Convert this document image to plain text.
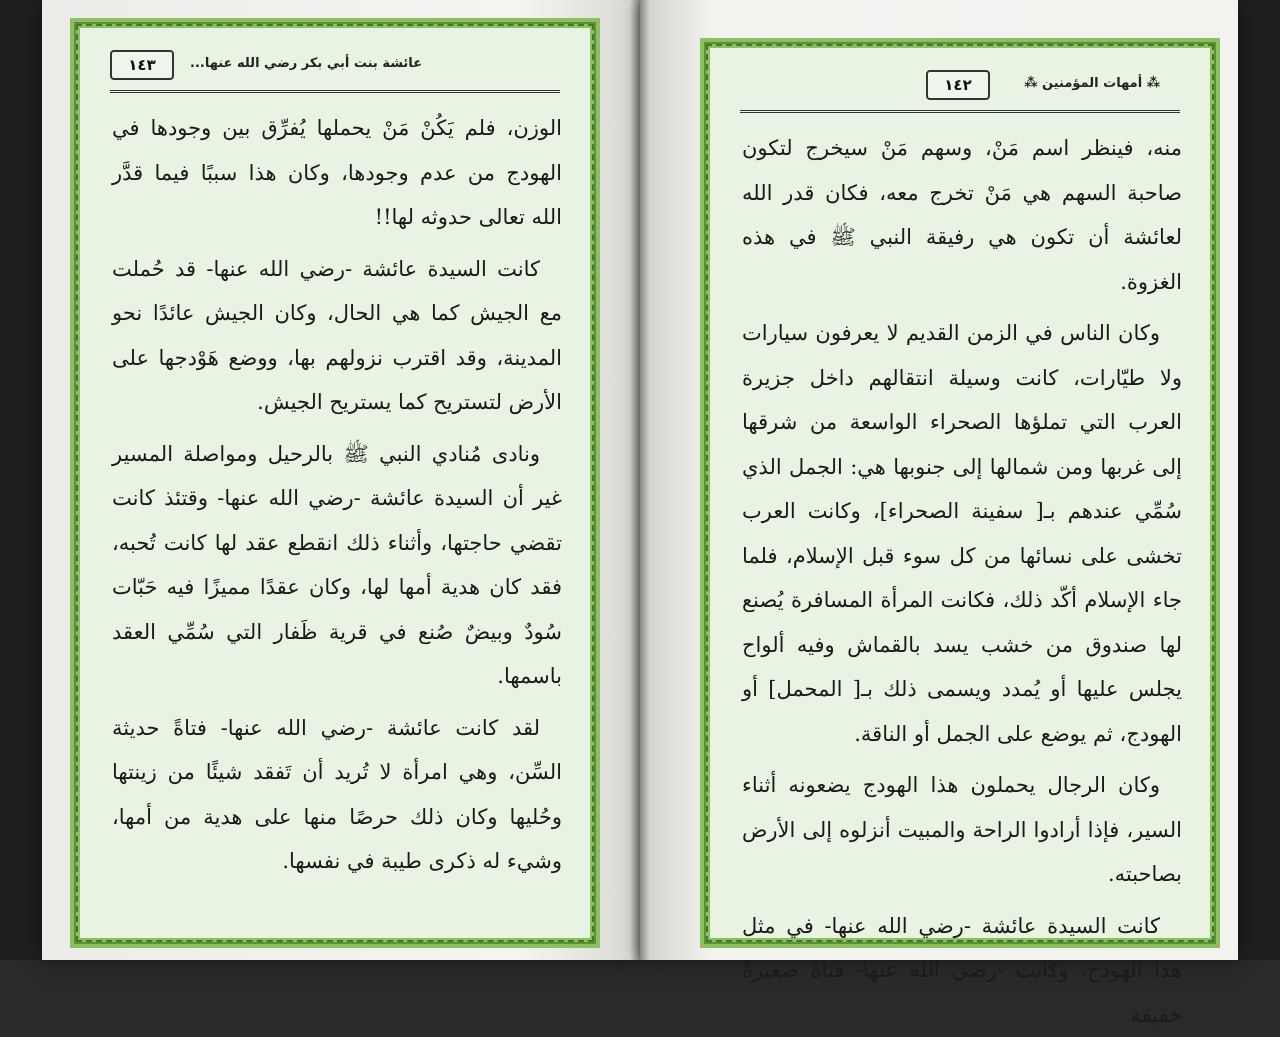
١٤٣	عائشة بنت أبي بكر رضي الله عنها...

الوزن، فلم يَكُنْ مَنْ يحملها يُفرِّق بين وجودها في الهودج من عدم وجودها، وكان هذا سببًا فيما قدَّر الله تعالى حدوثه لها!!

كانت السيدة عائشة -رضي الله عنها- قد حُملت مع الجيش كما هي الحال، وكان الجيش عائدًا نحو المدينة، وقد اقترب نزولهم بها، ووضع هَوْدجها على الأرض لتستريح كما يستريح الجيش.

ونادى مُنادي النبي ﷺ بالرحيل ومواصلة المسير غير أن السيدة عائشة -رضي الله عنها- وقتئذ كانت تقضي حاجتها، وأثناء ذلك انقطع عقد لها كانت تُحبه، فقد كان هدية أمها لها، وكان عقدًا مميزًا فيه حَبّات سُودٌ وبيضٌ صُنع في قرية ظَفار التي سُمِّي العقد باسمها.

لقد كانت عائشة -رضي الله عنها- فتاةً حديثة السِّن، وهي امرأة لا تُريد أن تَفقد شيئًا من زينتها وحُليها وكان ذلك حرصًا منها على هدية من أمها، وشيء له ذكرى طيبة في نفسها.

١٤٢	⁂ أمهات المؤمنين ⁂

منه، فينظر اسم مَنْ، وسهم مَنْ سيخرج لتكون صاحبة السهم هي مَنْ تخرج معه، فكان قدر الله لعائشة أن تكون هي رفيقة النبي ﷺ في هذه الغزوة.

وكان الناس في الزمن القديم لا يعرفون سيارات ولا طيّارات، كانت وسيلة انتقالهم داخل جزيرة العرب التي تملؤها الصحراء الواسعة من شرقها إلى غربها ومن شمالها إلى جنوبها هي: الجمل الذي سُمِّي عندهم بـ[ سفينة الصحراء]، وكانت العرب تخشى على نسائها من كل سوء قبل الإسلام، فلما جاء الإسلام أكّد ذلك، فكانت المرأة المسافرة يُصنع لها صندوق من خشب يسد بالقماش وفيه ألواح يجلس عليها أو يُمدد ويسمى ذلك بـ[ المحمل] أو الهودج، ثم يوضع على الجمل أو الناقة.

وكان الرجال يحملون هذا الهودج يضعونه أثناء السير، فإذا أرادوا الراحة والمبيت أنزلوه إلى الأرض بصاحبته.

كانت السيدة عائشة -رضي الله عنها- في مثل هذا الهودج، وكانت -رضي الله عنها- فتاةً صغيرةً خفيفة
